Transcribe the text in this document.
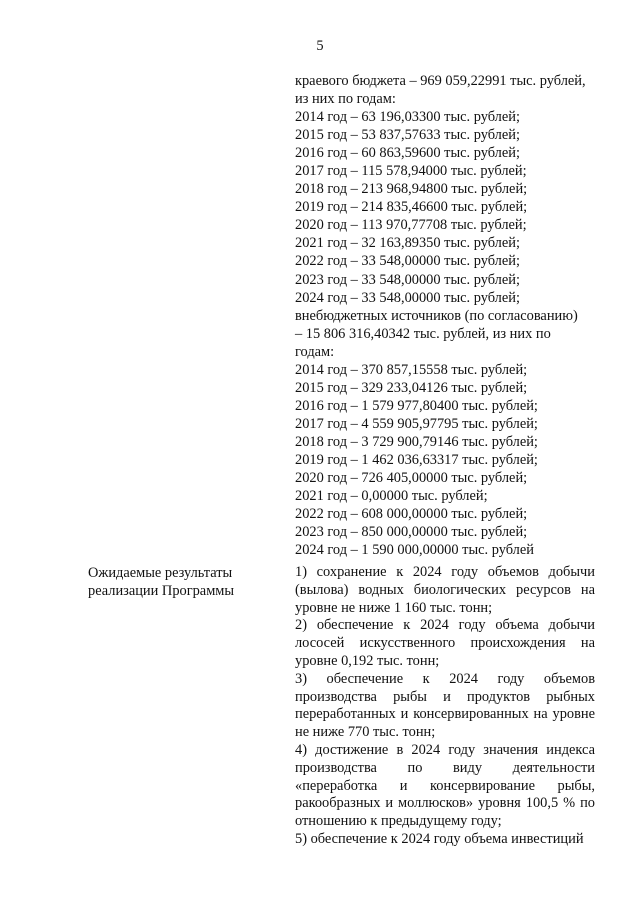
5
краевого бюджета – 969 059,22991 тыс. рублей,
из них по годам:
2014 год – 63 196,03300 тыс. рублей;
2015 год – 53 837,57633 тыс. рублей;
2016 год – 60 863,59600 тыс. рублей;
2017 год – 115 578,94000 тыс. рублей;
2018 год – 213 968,94800 тыс. рублей;
2019 год – 214 835,46600 тыс. рублей;
2020 год – 113 970,77708 тыс. рублей;
2021 год – 32 163,89350 тыс. рублей;
2022 год – 33 548,00000 тыс. рублей;
2023 год – 33 548,00000 тыс. рублей;
2024 год – 33 548,00000 тыс. рублей;
внебюджетных источников (по согласованию)
– 15 806 316,40342 тыс. рублей, из них по
годам:
2014 год – 370 857,15558 тыс. рублей;
2015 год – 329 233,04126 тыс. рублей;
2016 год – 1 579 977,80400 тыс. рублей;
2017 год – 4 559 905,97795 тыс. рублей;
2018 год – 3 729 900,79146 тыс. рублей;
2019 год – 1 462 036,63317 тыс. рублей;
2020 год – 726 405,00000 тыс. рублей;
2021 год – 0,00000 тыс. рублей;
2022 год – 608 000,00000 тыс. рублей;
2023 год – 850 000,00000 тыс. рублей;
2024 год – 1 590 000,00000 тыс. рублей
Ожидаемые результаты реализации Программы
1) сохранение к 2024 году объемов добычи (вылова) водных биологических ресурсов на уровне не ниже 1 160 тыс. тонн;
2) обеспечение к 2024 году объема добычи лососей искусственного происхождения на уровне 0,192 тыс. тонн;
3) обеспечение к 2024 году объемов производства рыбы и продуктов рыбных переработанных и консервированных на уровне не ниже 770 тыс. тонн;
4) достижение в 2024 году значения индекса производства по виду деятельности «переработка и консервирование рыбы, ракообразных и моллюсков» уровня 100,5 % по отношению к предыдущему году;
5) обеспечение к 2024 году объема инвестиций
